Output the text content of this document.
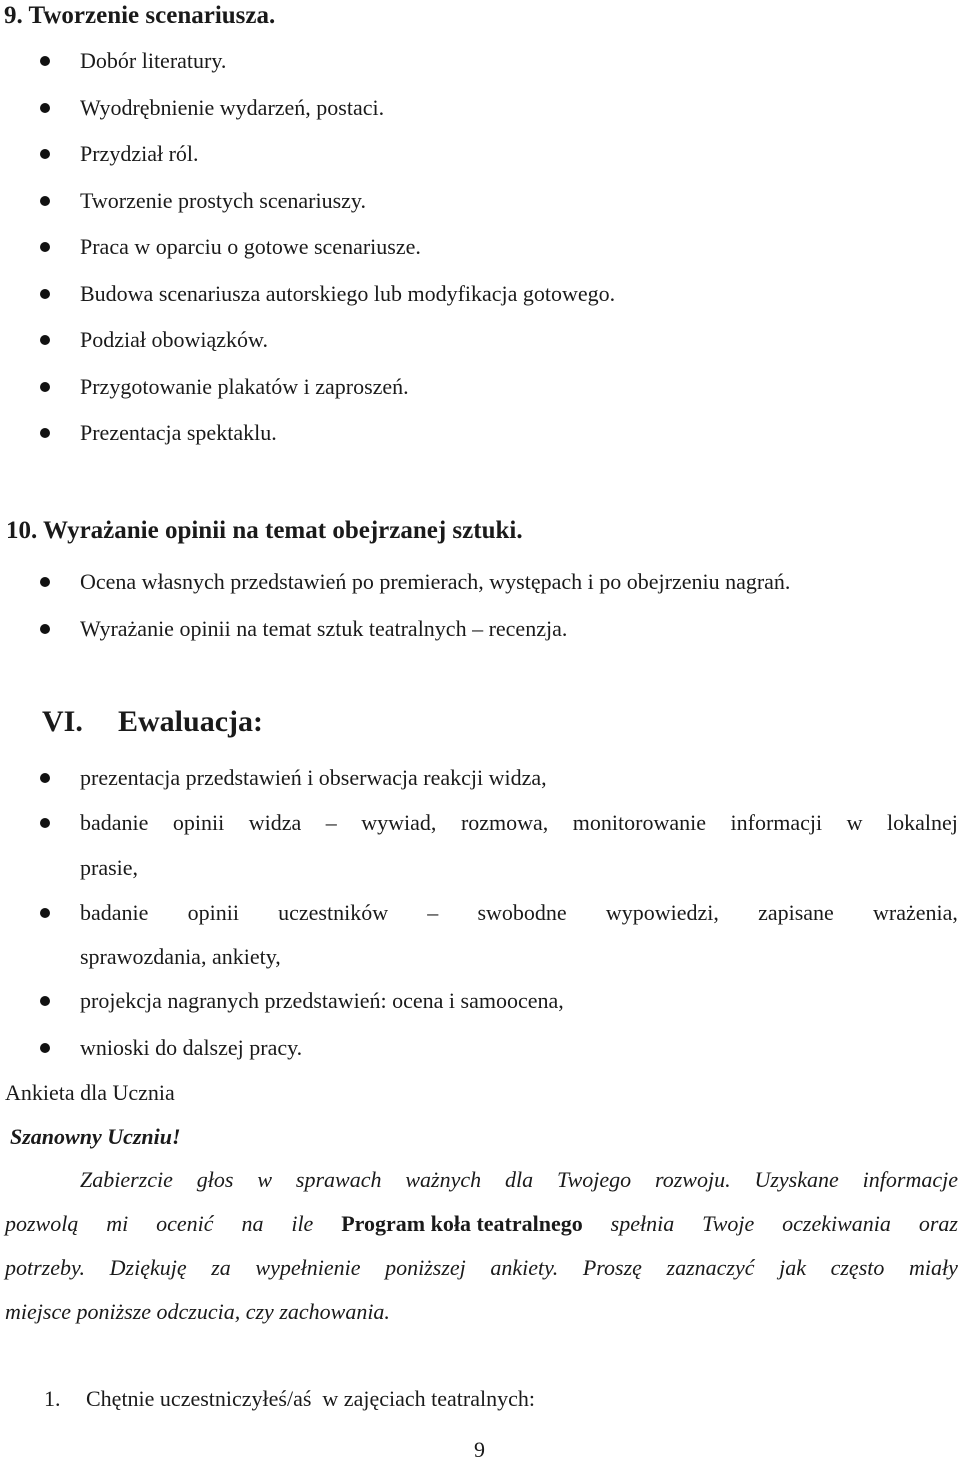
9. Tworzenie scenariusza.
Dobór literatury.
Wyodrębnienie wydarzeń, postaci.
Przydział ról.
Tworzenie prostych scenariuszy.
Praca w oparciu o gotowe scenariusze.
Budowa scenariusza autorskiego lub modyfikacja gotowego.
Podział obowiązków.
Przygotowanie plakatów i zaproszeń.
Prezentacja spektaklu.
10. Wyrażanie opinii na temat obejrzanej sztuki.
Ocena własnych przedstawień po premierach, występach i po obejrzeniu nagrań.
Wyrażanie opinii na temat sztuk teatralnych – recenzja.
VI. Ewaluacja:
prezentacja przedstawień i obserwacja reakcji widza,
badanie opinii widza – wywiad, rozmowa, monitorowanie informacji w lokalnej
prasie,
badanie opinii uczestników – swobodne wypowiedzi, zapisane wrażenia,
sprawozdania, ankiety,
projekcja nagranych przedstawień: ocena i samoocena,
wnioski do dalszej pracy.
Ankieta dla Ucznia
Szanowny Uczniu!
Zabierzcie głos w sprawach ważnych dla Twojego rozwoju. Uzyskane informacje
pozwolą mi ocenić na ile Program koła teatralnego spełnia Twoje oczekiwania oraz
potrzeby. Dziękuję za wypełnienie poniższej ankiety. Proszę zaznaczyć jak często miały
miejsce poniższe odczucia, czy zachowania.
1. Chętnie uczestniczyłeś/aś  w zajęciach teatralnych:
9
